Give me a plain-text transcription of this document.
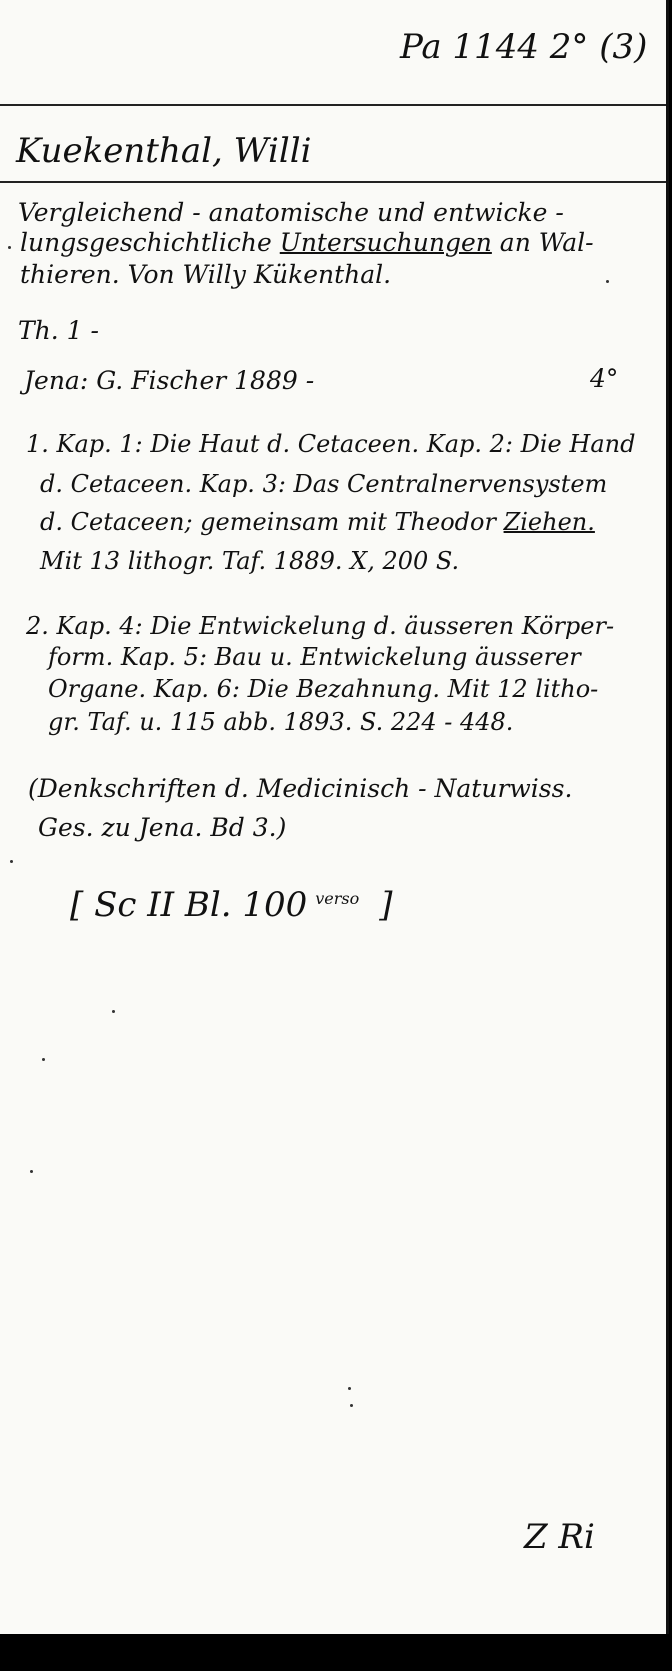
Pa 1144 2° (3)
Kuekenthal, Willi
Vergleichend - anatomische und entwicke -
lungsgeschichtliche Untersuchungen an Wal-
thieren. Von Willy Kükenthal.
Th. 1 -
Jena: G. Fischer 1889 -	4°
1. Kap. 1: Die Haut d. Cetaceen. Kap. 2: Die Hand
d. Cetaceen. Kap. 3: Das Centralnervensystem
d. Cetaceen; gemeinsam mit Theodor Ziehen.
Mit 13 lithogr. Taf. 1889. X, 200 S.
2. Kap. 4: Die Entwickelung d. äusseren Körper-
form. Kap. 5: Bau u. Entwickelung äusserer
Organe. Kap. 6: Die Bezahnung. Mit 12 litho-
gr. Taf. u. 115 abb. 1893. S. 224 - 448.
(Denkschriften d. Medicinisch - Naturwiss.
Ges. zu Jena. Bd 3.)
[ Sc II Bl. 100 $^{verso}$ ]
Z Ri
